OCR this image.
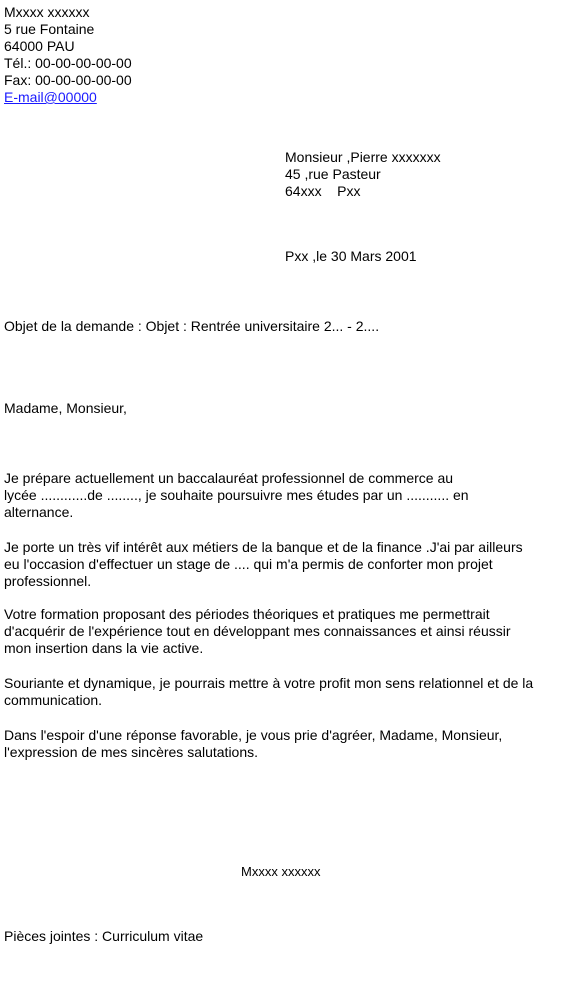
Mxxxx xxxxxx
5 rue Fontaine
64000 PAU
Tél.: 00-00-00-00-00
Fax: 00-00-00-00-00
E-mail@00000
Monsieur ,Pierre xxxxxxx
45 ,rue Pasteur
64xxx    Pxx
Pxx ,le 30 Mars 2001
Objet de la demande : Objet : Rentrée universitaire 2... - 2....
Madame, Monsieur,
Je prépare actuellement un baccalauréat professionnel de commerce au
lycée ............de ........, je souhaite poursuivre mes études par un ........... en
alternance.
Je porte un très vif intérêt aux métiers de la banque et de la finance .J'ai par ailleurs
eu l'occasion d'effectuer un stage de .... qui m'a permis de conforter mon projet
professionnel.
Votre formation proposant des périodes théoriques et pratiques me permettrait
d'acquérir de l'expérience tout en développant mes connaissances et ainsi réussir
mon insertion dans la vie active.
Souriante et dynamique, je pourrais mettre à votre profit mon sens relationnel et de la
communication.
Dans l'espoir d'une réponse favorable, je vous prie d'agréer, Madame, Monsieur,
l'expression de mes sincères salutations.
Mxxxx xxxxxx
Pièces jointes : Curriculum vitae
